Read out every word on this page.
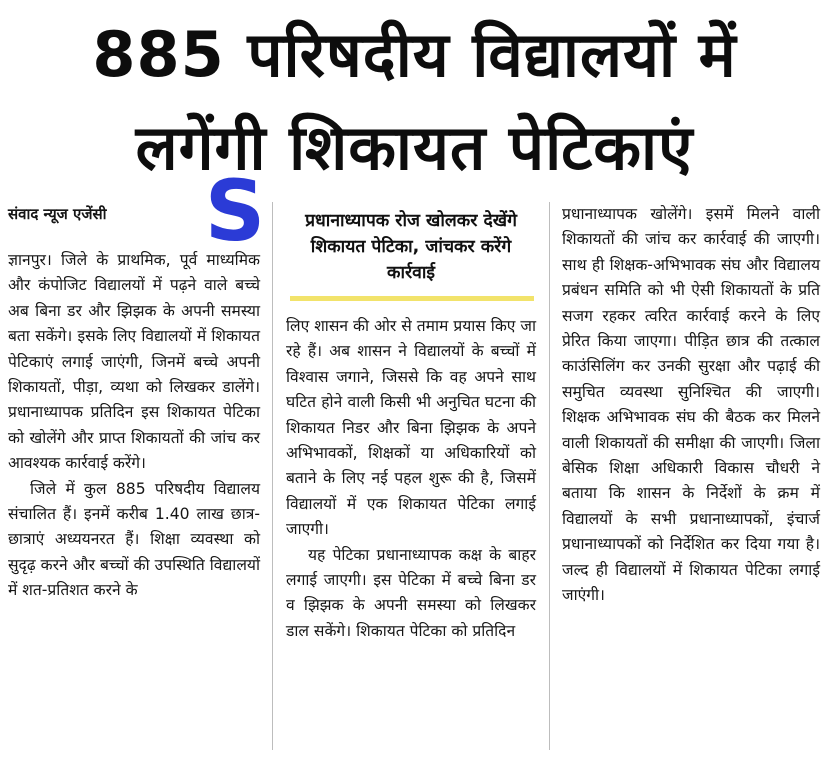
885 परिषदीय विद्यालयों में
लगेंगी शिकायत पेटिकाएं
S
संवाद न्यूज एजेंसी

ज्ञानपुर। जिले के प्राथमिक, पूर्व माध्यमिक और कंपोजिट विद्यालयों में पढ़ने वाले बच्चे अब बिना डर और झिझक के अपनी समस्या बता सकेंगे। इसके लिए विद्यालयों में शिकायत पेटिकाएं लगाई जाएंगी, जिनमें बच्चे अपनी शिकायतों, पीड़ा, व्यथा को लिखकर डालेंगे। प्रधानाध्यापक प्रतिदिन इस शिकायत पेटिका को खोलेंगे और प्राप्त शिकायतों की जांच कर आवश्यक कार्रवाई करेंगे।

जिले में कुल 885 परिषदीय विद्यालय संचालित हैं। इनमें करीब 1.40 लाख छात्र-छात्राएं अध्ययनरत हैं। शिक्षा व्यवस्था को सुदृढ़ करने और बच्चों की उपस्थिति विद्यालयों में शत-प्रतिशत करने के

प्रधानाध्यापक रोज खोलकर देखेंगे शिकायत पेटिका, जांचकर करेंगे कार्रवाई

लिए शासन की ओर से तमाम प्रयास किए जा रहे हैं। अब शासन ने विद्यालयों के बच्चों में विश्वास जगाने, जिससे कि वह अपने साथ घटित होने वाली किसी भी अनुचित घटना की शिकायत निडर और बिना झिझक के अपने अभिभावकों, शिक्षकों या अधिकारियों को बताने के लिए नई पहल शुरू की है, जिसमें विद्यालयों में एक शिकायत पेटिका लगाई जाएगी।

यह पेटिका प्रधानाध्यापक कक्ष के बाहर लगाई जाएगी। इस पेटिका में बच्चे बिना डर व झिझक के अपनी समस्या को लिखकर डाल सकेंगे। शिकायत पेटिका को प्रतिदिन

प्रधानाध्यापक खोलेंगे। इसमें मिलने वाली शिकायतों की जांच कर कार्रवाई की जाएगी। साथ ही शिक्षक-अभिभावक संघ और विद्यालय प्रबंधन समिति को भी ऐसी शिकायतों के प्रति सजग रहकर त्वरित कार्रवाई करने के लिए प्रेरित किया जाएगा। पीड़ित छात्र की तत्काल काउंसिलिंग कर उनकी सुरक्षा और पढ़ाई की समुचित व्यवस्था सुनिश्चित की जाएगी। शिक्षक अभिभावक संघ की बैठक कर मिलने वाली शिकायतों की समीक्षा की जाएगी। जिला बेसिक शिक्षा अधिकारी विकास चौधरी ने बताया कि शासन के निर्देशों के क्रम में विद्यालयों के सभी प्रधानाध्यापकों, इंचार्ज प्रधानाध्यापकों को निर्देशित कर दिया गया है। जल्द ही विद्यालयों में शिकायत पेटिका लगाई जाएंगी।
